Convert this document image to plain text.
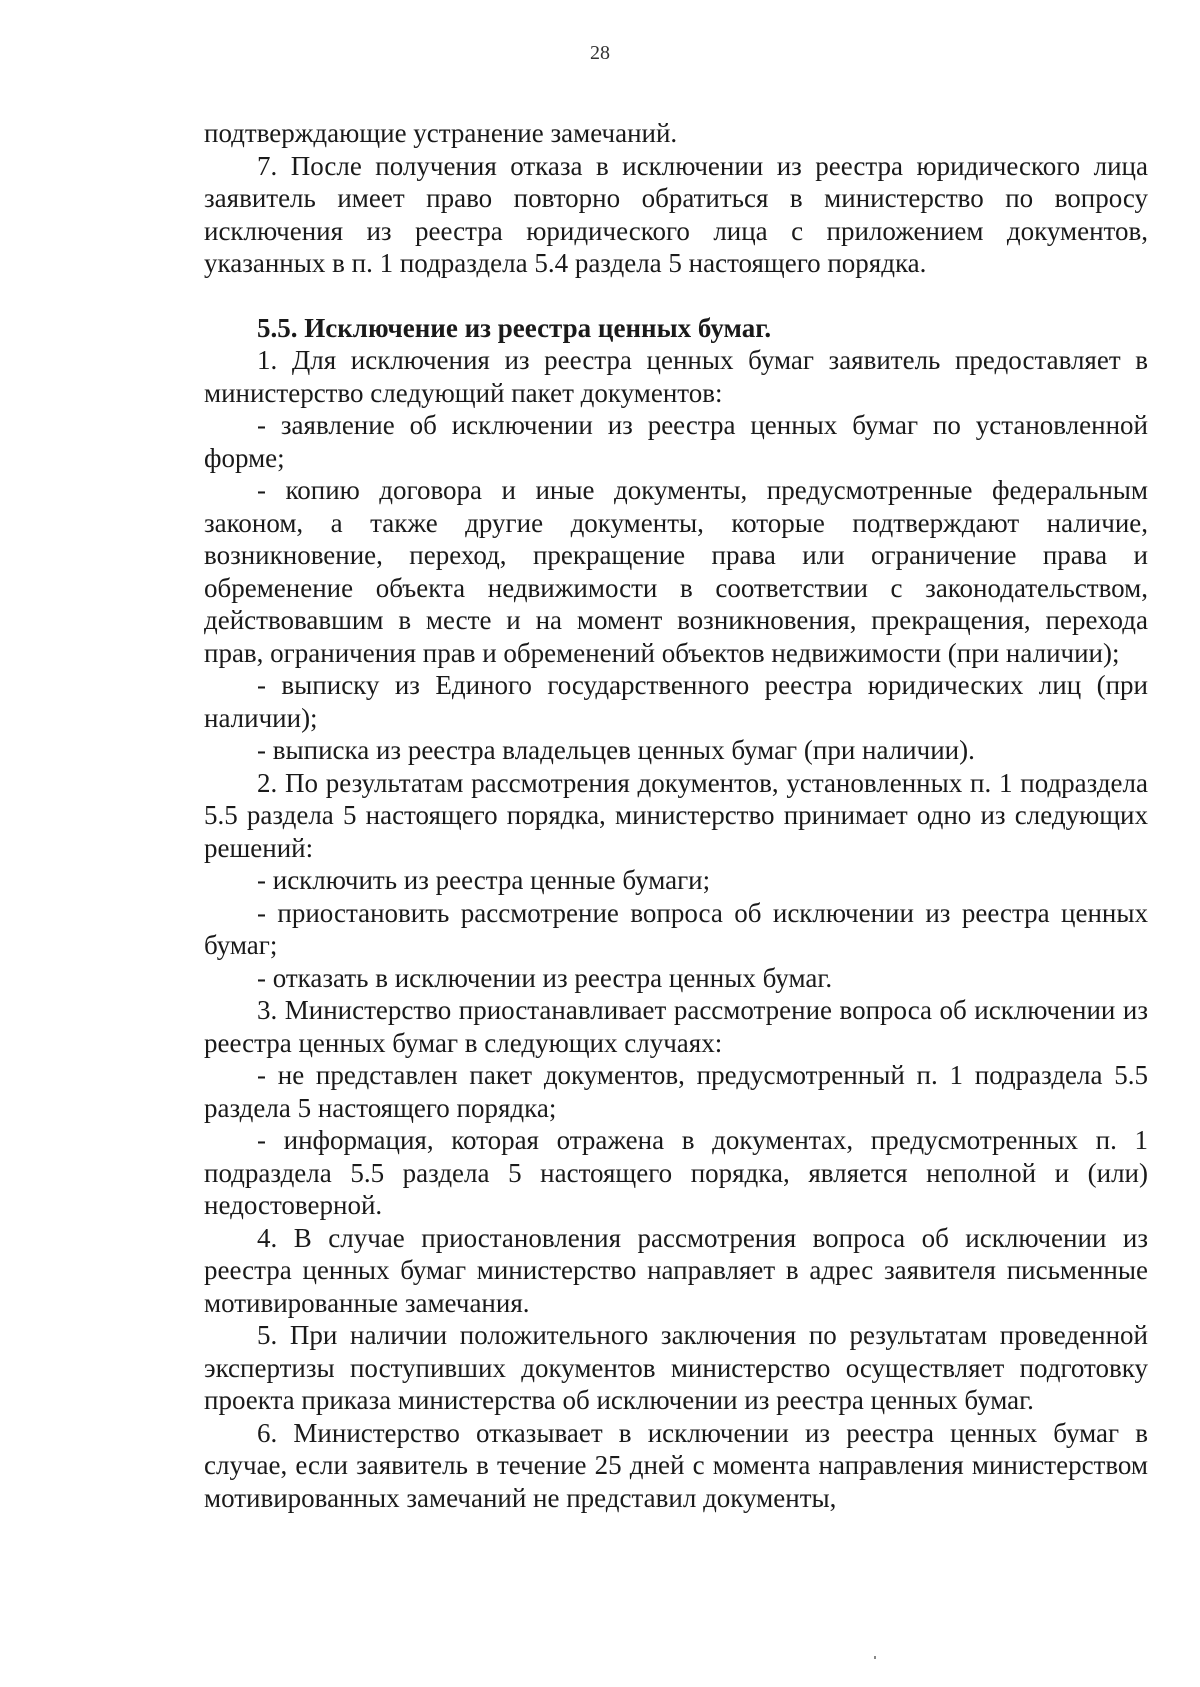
28

подтверждающие устранение замечаний.

7. После получения отказа в исключении из реестра юридического лица заявитель имеет право повторно обратиться в министерство по вопросу исключения из реестра юридического лица с приложением документов, указанных в п. 1 подраздела 5.4 раздела 5 настоящего порядка.

5.5. Исключение из реестра ценных бумаг.

1. Для исключения из реестра ценных бумаг заявитель предоставляет в министерство следующий пакет документов:

- заявление об исключении из реестра ценных бумаг по установленной форме;

- копию договора и иные документы, предусмотренные федеральным законом, а также другие документы, которые подтверждают наличие, возникновение, переход, прекращение права или ограничение права и обременение объекта недвижимости в соответствии с законодательством, действовавшим в месте и на момент возникновения, прекращения, перехода прав, ограничения прав и обременений объектов недвижимости (при наличии);

- выписку из Единого государственного реестра юридических лиц (при наличии);

- выписка из реестра владельцев ценных бумаг (при наличии).

2. По результатам рассмотрения документов, установленных п. 1 подраздела 5.5 раздела 5 настоящего порядка, министерство принимает одно из следующих решений:

- исключить из реестра ценные бумаги;

- приостановить рассмотрение вопроса об исключении из реестра ценных бумаг;

- отказать в исключении из реестра ценных бумаг.

3. Министерство приостанавливает рассмотрение вопроса об исключении из реестра ценных бумаг в следующих случаях:

- не представлен пакет документов, предусмотренный п. 1 подраздела 5.5 раздела 5 настоящего порядка;

- информация, которая отражена в документах, предусмотренных п. 1 подраздела 5.5 раздела 5 настоящего порядка, является неполной и (или) недостоверной.

4. В случае приостановления рассмотрения вопроса об исключении из реестра ценных бумаг министерство направляет в адрес заявителя письменные мотивированные замечания.

5. При наличии положительного заключения по результатам проведенной экспертизы поступивших документов министерство осуществляет подготовку проекта приказа министерства об исключении из реестра ценных бумаг.

6. Министерство отказывает в исключении из реестра ценных бумаг в случае, если заявитель в течение 25 дней с момента направления министерством мотивированных замечаний не представил документы,
